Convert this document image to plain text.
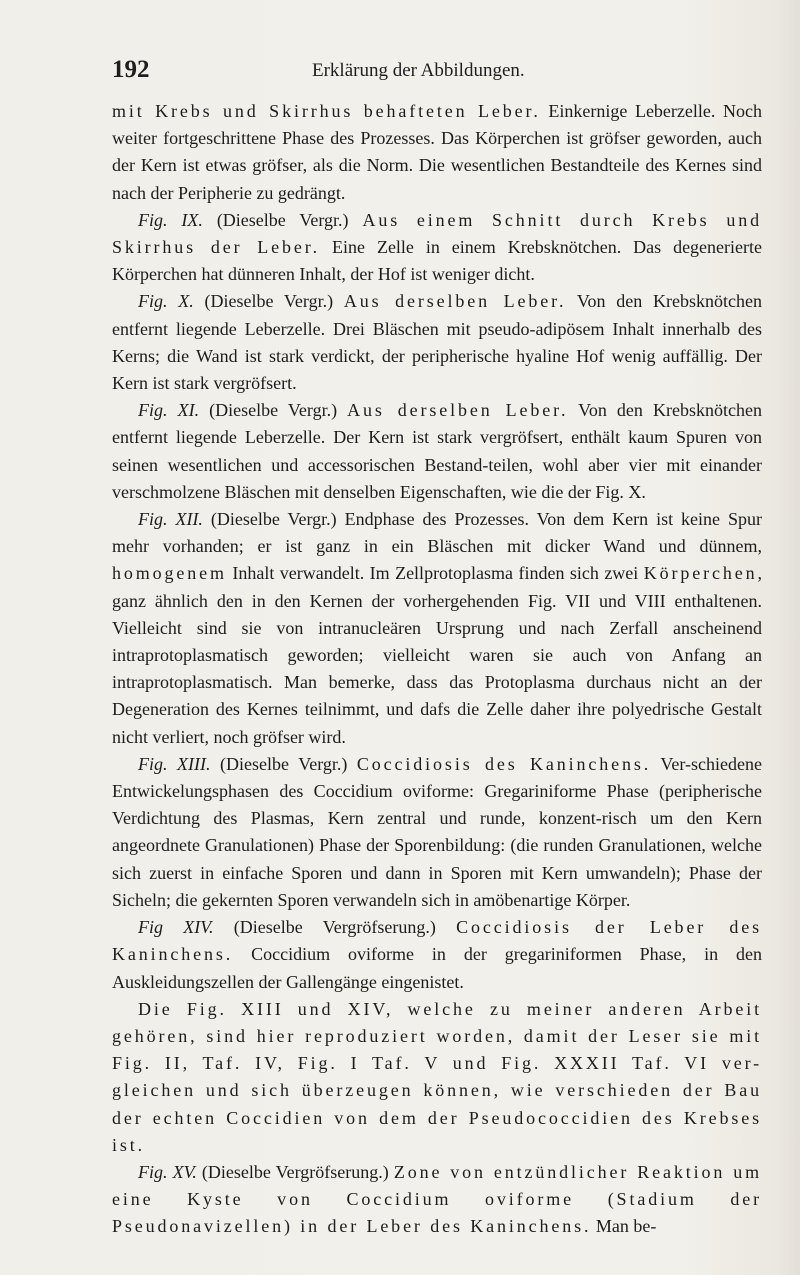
192	Erklärung der Abbildungen.

mit Krebs und Skirrhus behafteten Leber. Einkernige Leberzelle. Noch weiter fortgeschrittene Phase des Prozesses. Das Körperchen ist gröfser geworden, auch der Kern ist etwas gröfser, als die Norm. Die wesentlichen Bestandteile des Kernes sind nach der Peripherie zu gedrängt.

Fig. IX. (Dieselbe Vergr.) Aus einem Schnitt durch Krebs und Skirrhus der Leber. Eine Zelle in einem Krebsknötchen. Das degenerierte Körperchen hat dünneren Inhalt, der Hof ist weniger dicht.

Fig. X. (Dieselbe Vergr.) Aus derselben Leber. Von den Krebsknötchen entfernt liegende Leberzelle. Drei Bläschen mit pseudo-adipösem Inhalt innerhalb des Kerns; die Wand ist stark verdickt, der peripherische hyaline Hof wenig auffällig. Der Kern ist stark vergröfsert.

Fig. XI. (Dieselbe Vergr.) Aus derselben Leber. Von den Krebsknötchen entfernt liegende Leberzelle. Der Kern ist stark vergröfsert, enthält kaum Spuren von seinen wesentlichen und accessorischen Bestand-teilen, wohl aber vier mit einander verschmolzene Bläschen mit denselben Eigenschaften, wie die der Fig. X.

Fig. XII. (Dieselbe Vergr.) Endphase des Prozesses. Von dem Kern ist keine Spur mehr vorhanden; er ist ganz in ein Bläschen mit dicker Wand und dünnem, homogenem Inhalt verwandelt. Im Zellprotoplasma finden sich zwei Körperchen, ganz ähnlich den in den Kernen der vorhergehenden Fig. VII und VIII enthaltenen. Vielleicht sind sie von intranucleären Ursprung und nach Zerfall anscheinend intraprotoplasmatisch geworden; vielleicht waren sie auch von Anfang an intraprotoplasmatisch. Man bemerke, dass das Protoplasma durchaus nicht an der Degeneration des Kernes teilnimmt, und dafs die Zelle daher ihre polyedrische Gestalt nicht verliert, noch gröfser wird.

Fig. XIII. (Dieselbe Vergr.) Coccidiosis des Kaninchens. Ver-schiedene Entwickelungsphasen des Coccidium oviforme: Gregariniforme Phase (peripherische Verdichtung des Plasmas, Kern zentral und runde, konzent-risch um den Kern angeordnete Granulationen) Phase der Sporenbildung: (die runden Granulationen, welche sich zuerst in einfache Sporen und dann in Sporen mit Kern umwandeln); Phase der Sicheln; die gekernten Sporen verwandeln sich in amöbenartige Körper.

Fig XIV. (Dieselbe Vergröfserung.) Coccidiosis der Leber des Kaninchens. Coccidium oviforme in der gregariniformen Phase, in den Auskleidungszellen der Gallengänge eingenistet.

Die Fig. XIII und XIV, welche zu meiner anderen Arbeit gehören, sind hier reproduziert worden, damit der Leser sie mit Fig. II, Taf. IV, Fig. I Taf. V und Fig. XXXII Taf. VI ver-gleichen und sich überzeugen können, wie verschieden der Bau der echten Coccidien von dem der Pseudococcidien des Krebses ist.

Fig. XV. (Dieselbe Vergröfserung.) Zone von entzündlicher Reaktion um eine Kyste von Coccidium oviforme (Stadium der Pseudonavizellen) in der Leber des Kaninchens. Man be-
